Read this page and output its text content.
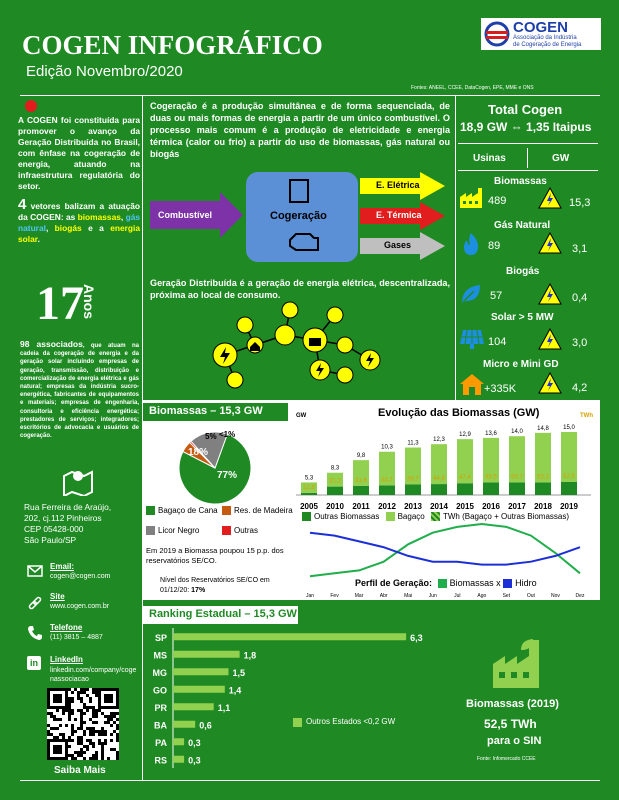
COGEN INFOGRÁFICO
Edição Novembro/2020
COGEN
Associação da Indústria
de Cogeração de Energia
Fontes: ANEEL, CCEE, DataCogen, EPE, MME e ONS
A COGEN foi constituída para promover o avanço da Geração Distribuída no Brasil, com ênfase na cogeração de energia, atuando na infraestrutura regulatória do setor.
4 vetores balizam a atuação da COGEN: as biomassas, gás natural, biogás e a energia solar.
17
Anos
98 associados, que atuam na cadeia da cogeração de energia e da geração solar incluindo empresas de geração, transmissão, distribuição e comercialização de energia elétrica e gás natural; empresas da indústria sucro-energética, fabricantes de equipamentos e materiais; empresas de engenharia, consultoria e eficiência energética; prestadores de serviços; integradores; escritórios de advocacia e usuários de cogeração.
Rua Ferreira de Araújo,
202, cj.112 Pinheiros
CEP 05428-000
São Paulo/SP
Email:
cogen@cogen.com
Site
www.cogen.com.br
Telefone
(11) 3815 – 4887
in	LinkedIn
linkedin.com/company/cogenassociacao
Saiba Mais
Cogeração é a produção simultânea e de forma sequenciada, de duas ou mais formas de energia a partir de um único combustível. O processo mais comum é a produção de eletricidade e energia térmica (calor ou frio) a partir do uso de biomassas, gás natural ou biogás
Combustível	Cogeração
E. Elétrica
E. Térmica
Gases
Geração Distribuída é a geração de energia elétrica, descentralizada, próxima ao local de consumo.
Total Cogen
18,9 GW ⇔ 1,35 Itaipus
Usinas	GW
Biomassas
489	15,3
Gás Natural
89	3,1
Biogás
57	0,4
Solar > 5 MW
104	3,0
Micro e Mini GD
+335K	4,2
Biomassas – 15,3 GW
77%
18%
5% <1%
Bagaço de Cana	Res. de Madeira
Licor Negro	Outras
Em 2019 a Biomassa poupou 15 p.p. dos reservatórios SE/CO.
Nível dos Reservatórios SE/CO em 01/12/20: 17%
Evolução das Biomassas (GW)
GW	TWh
5,3
12,8
2005
8,3
31,2
2010
9,8
31,6
2011
10,3
34,7
2012
11,3
39,7
2013
12,3
44,9
2014
12,9
47,4
2015
13,6
49,5
2016
14,0
50,7
2017
14,8
52,3
2018
15,0
52,5
2019
Outras Biomassas Bagaço TWh (Bagaço + Outras Biomassas)
Jan	Fev	Mar	Abr	Mai	Jun	Jul	Ago	Set	Out	Nov	Dez
Perfil de Geração: Biomassas x Hidro
Ranking Estadual – 15,3 GW
SP	6,3
MS	1,8
MG	1,5
GO	1,4
PR	1,1
BA	0,6
PA 0,3
RS 0,3
Outros Estados <0,2 GW
Biomassas (2019)
52,5 TWh
para o SIN
Fonte: Infomercado CCEE
